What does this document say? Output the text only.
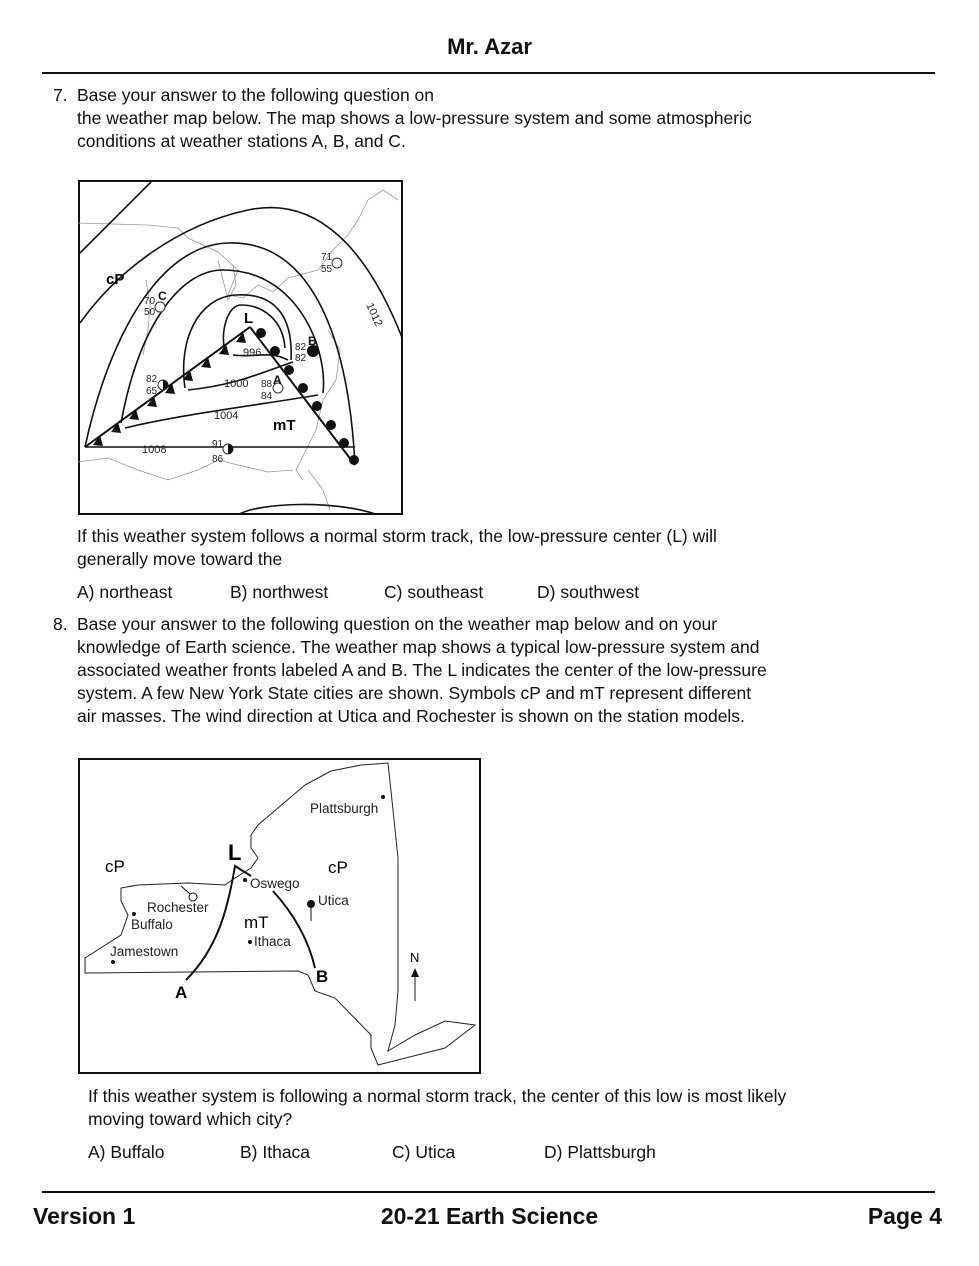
Mr. Azar
7. Base your answer to the following question on
the weather map below. The map shows a low-pressure system and some atmospheric
conditions at weather stations A, B, and C.
cP
mT
L
996
1000
1004
1008
1012
C
70
50
B
82
82
A
88
84
82
65
91
86
71
55
If this weather system follows a normal storm track, the low-pressure center (L) will
generally move toward the
A) northeast	B) northwest	C) southeast	D) southwest
8. Base your answer to the following question on the weather map below and on your
knowledge of Earth science. The weather map shows a typical low-pressure system and
associated weather fronts labeled A and B. The L indicates the center of the low-pressure
system. A few New York State cities are shown. Symbols cP and mT represent different
air masses. The wind direction at Utica and Rochester is shown on the station models.
L
A
B
cP	cP
mT
Plattsburgh
Oswego
Utica
Rochester
Buffalo
Ithaca
Jamestown	N
If this weather system is following a normal storm track, the center of this low is most likely
moving toward which city?
A) Buffalo	B) Ithaca	C) Utica	D) Plattsburgh
Version 1	20-21 Earth Science	Page 4
